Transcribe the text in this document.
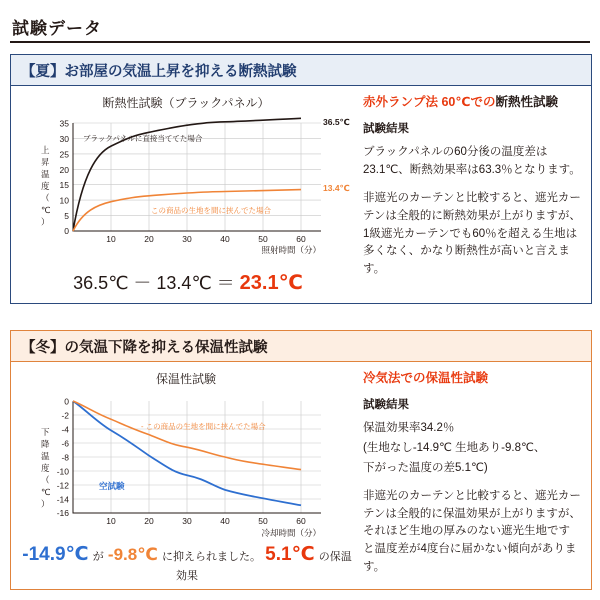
試験データ
【夏】お部屋の気温上昇を抑える断熱試験
断熱性試験（ブラックパネル）
35
30
25
20
15
10
5
0
10	20	30	40	50	60
上
昇
温
度
（
℃
）
照射時間（分）
ブラックパネルに直接当ててた場合
この商品の生地を間に挟んでた場合
36.5℃
13.4℃
36.5℃ － 13.4℃ ＝ 23.1℃
赤外ランプ法 60℃での断熱性試験
試験結果

ブラックパネルの60分後の温度差は23.1℃、断熱効果率は63.3％となります。

非遮光のカーテンと比較すると、遮光カーテンは全般的に断熱効果が上がりますが、1級遮光カーテンでも60％を超える生地は多くなく、かなり断熱性が高いと言えます。

【冬】の気温下降を抑える保温性試験
保温性試験
0
-2
-4
-6
-8
-10
-12
-14
-16
10	20	30	40	50	60
下
降
温
度
（
℃
）
冷却時間（分）
- この商品の生地を間に挟んでた場合
空試験
-14.9℃ が -9.8℃ に抑えられました。 5.1℃ の保温効果
冷気法での保温性試験
試験結果

保温効果率34.2％

(生地なし-14.9℃ 生地あり-9.8℃、

下がった温度の差5.1℃)

非遮光のカーテンと比較すると、遮光カーテンは全般的に保温効果が上がりますが、それほど生地の厚みのない遮光生地ですと温度差が4度台に届かない傾向があります。
